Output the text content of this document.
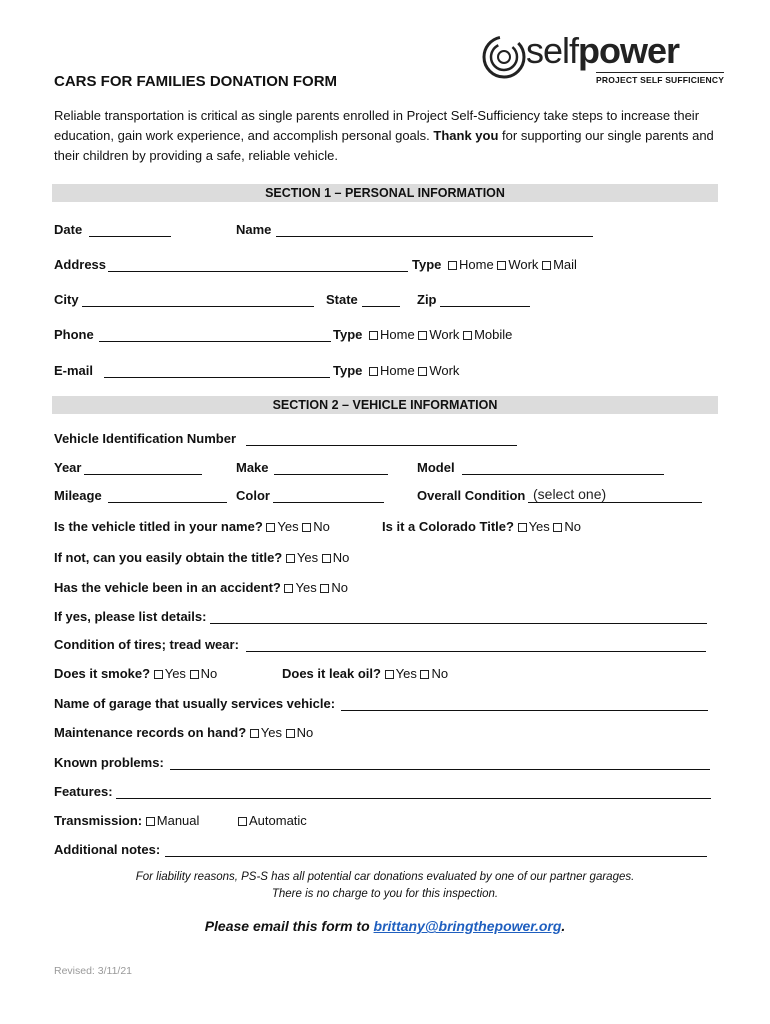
selfpower
PROJECT SELF SUFFICIENCY
CARS FOR FAMILIES DONATION FORM
Reliable transportation is critical as single parents enrolled in Project Self-Sufficiency take steps to increase their education, gain work experience, and accomplish personal goals. Thank you for supporting our single parents and their children by providing a safe, reliable vehicle.
SECTION 1 – PERSONAL INFORMATION
Date	Name
Address	Type Home Work Mail
City	State	Zip
Phone	Type Home Work Mobile
E-mail	Type Home Work
SECTION 2 – VEHICLE INFORMATION
Vehicle Identification Number
Year	Make	Model
Mileage	Color	Overall Condition (select one)
Is the vehicle titled in your name? Yes No	Is it a Colorado Title? Yes No
If not, can you easily obtain the title? Yes No
Has the vehicle been in an accident? Yes No
If yes, please list details:
Condition of tires; tread wear:
Does it smoke? Yes No	Does it leak oil? Yes No
Name of garage that usually services vehicle:
Maintenance records on hand? Yes No
Known problems:
Features:
Transmission: Manual	Automatic
Additional notes:
For liability reasons, PS-S has all potential car donations evaluated by one of our partner garages.
There is no charge to you for this inspection.
Please email this form to brittany@bringthepower.org.
Revised: 3/11/21
